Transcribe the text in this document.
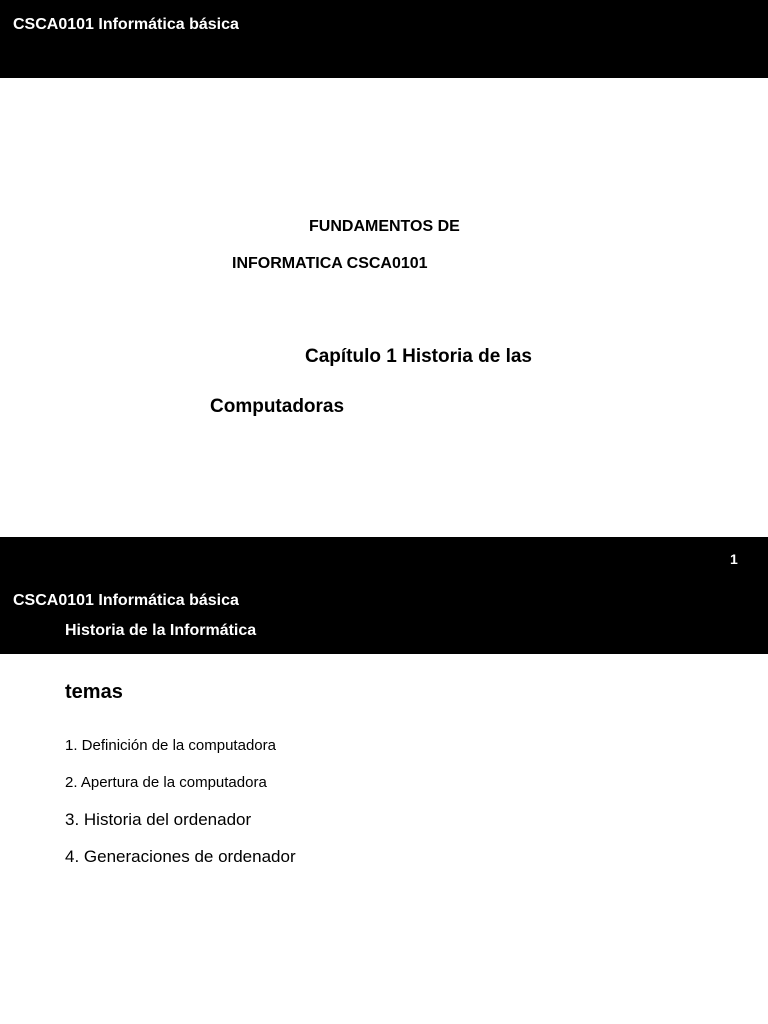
CSCA0101 Informática básica
FUNDAMENTOS DE
INFORMATICA CSCA0101
Capítulo 1 Historia de las
Computadoras
1
CSCA0101 Informática básica
Historia de la Informática
temas
1. Definición de la computadora
2. Apertura de la computadora
3. Historia del ordenador
4. Generaciones de ordenador
